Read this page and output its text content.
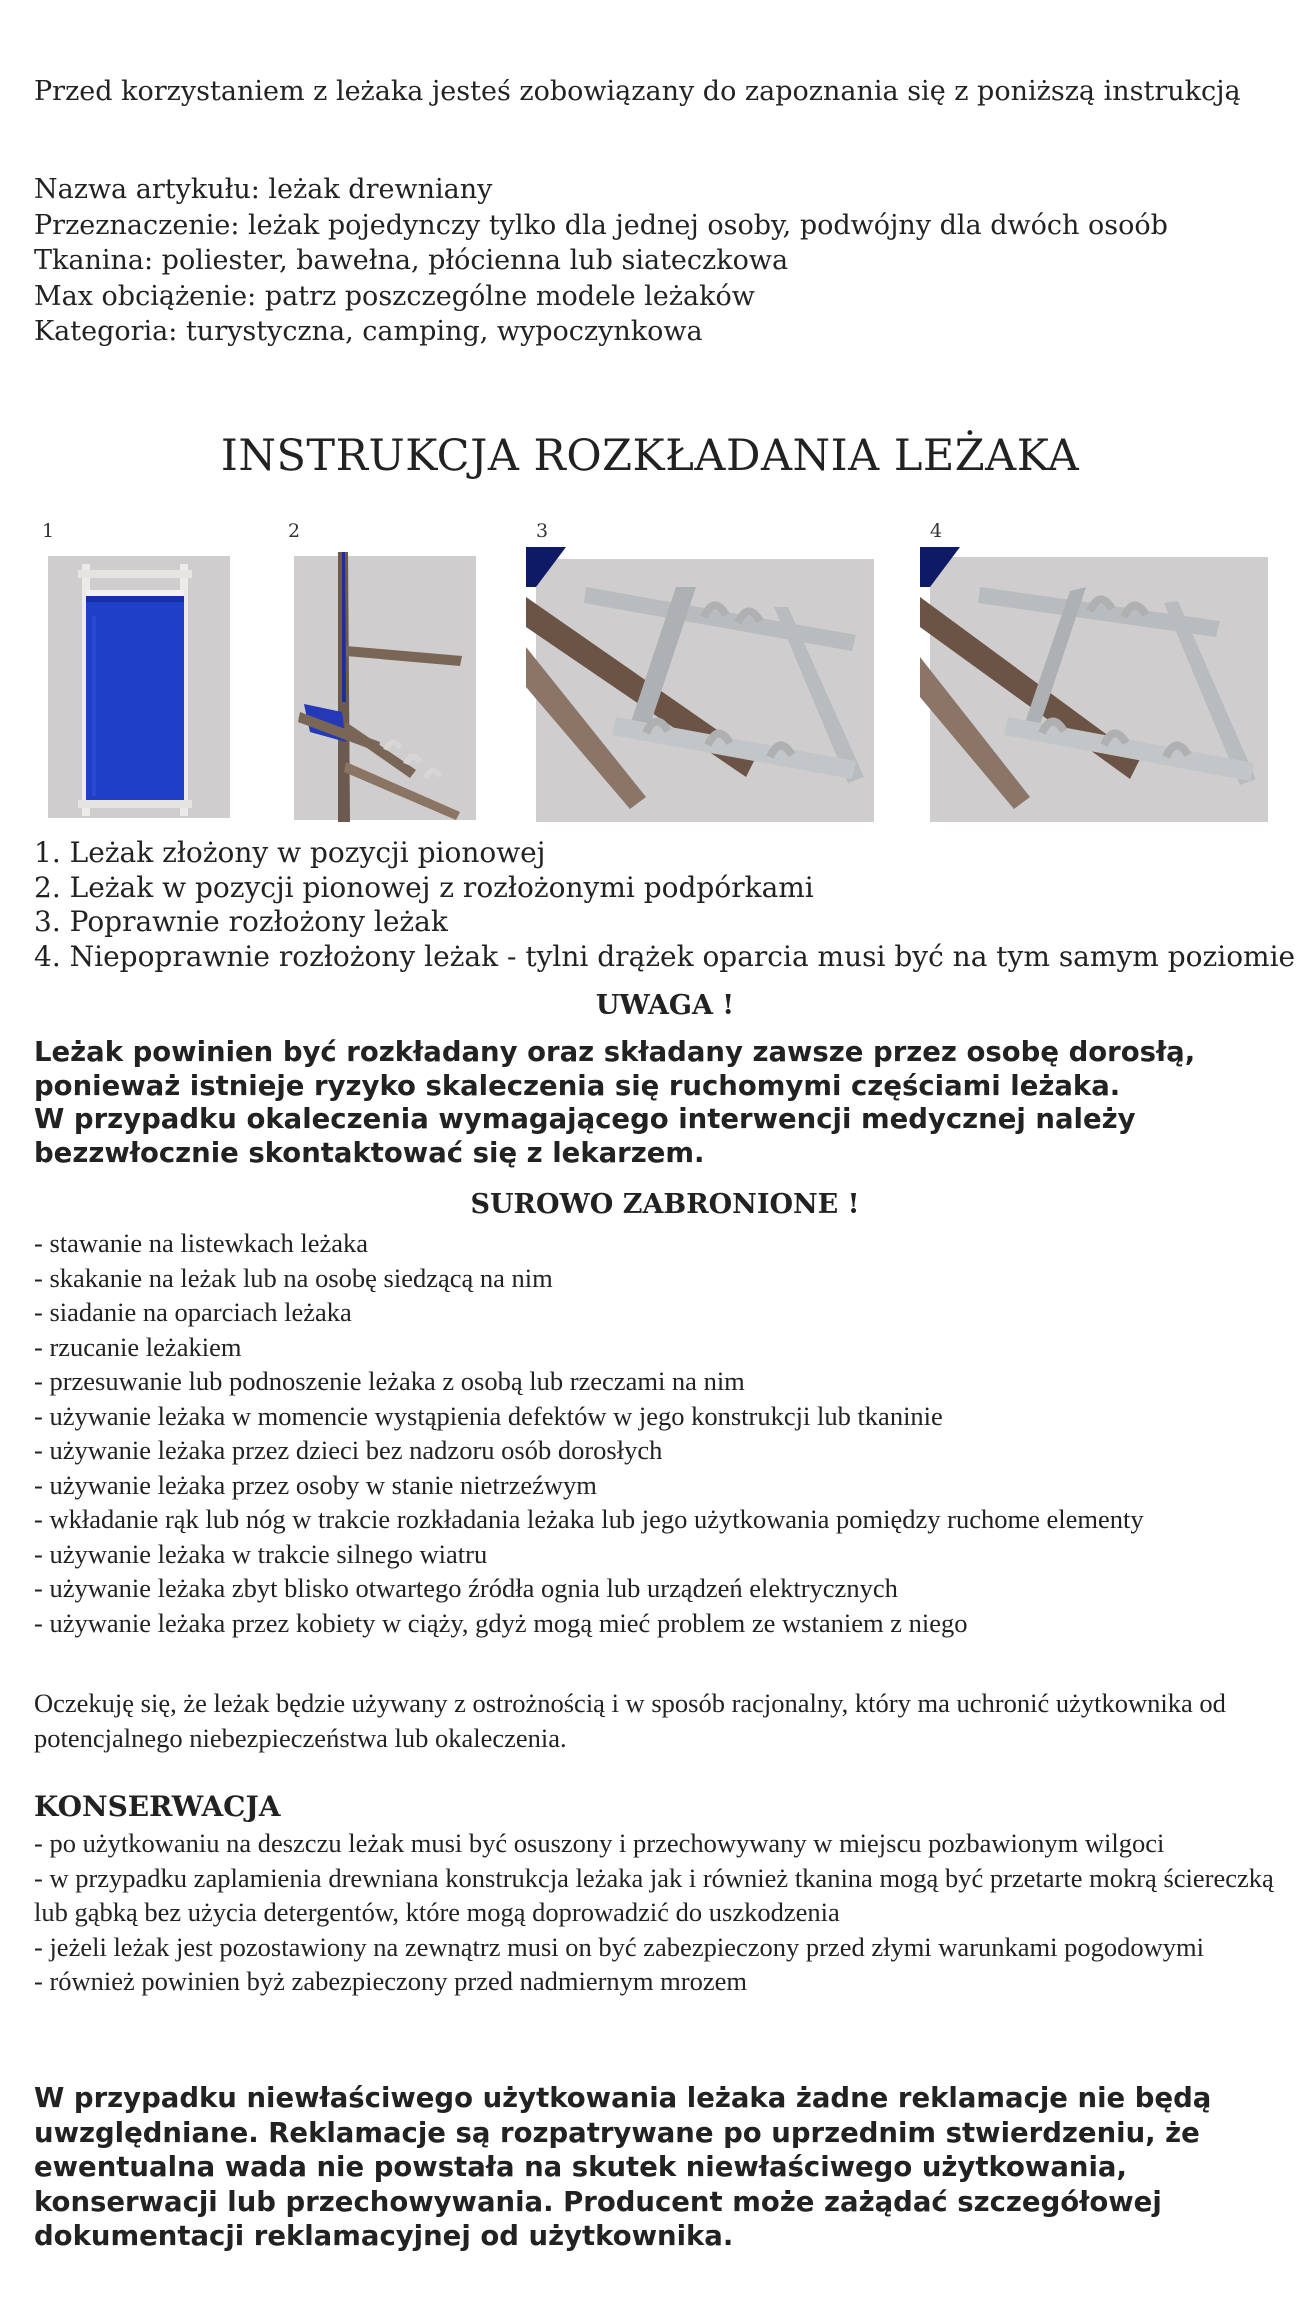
Przed korzystaniem z leżaka jesteś zobowiązany do zapoznania się z poniższą instrukcją

Nazwa artykułu: leżak drewniany
Przeznaczenie: leżak pojedynczy tylko dla jednej osoby, podwójny dla dwóch osoób
Tkanina: poliester, bawełna, płócienna lub siateczkowa
Max obciążenie: patrz poszczególne modele leżaków
Kategoria: turystyczna, camping, wypoczynkowa
INSTRUKCJA ROZKŁADANIA LEŻAKA
1	2	3	4
1. Leżak złożony w pozycji pionowej
2. Leżak w pozycji pionowej z rozłożonymi podpórkami
3. Poprawnie rozłożony leżak
4. Niepoprawnie rozłożony leżak - tylni drążek oparcia musi być na tym samym poziomie
UWAGA !
Leżak powinien być rozkładany oraz składany zawsze przez osobę dorosłą, ponieważ istnieje ryzyko skaleczenia się ruchomymi częściami leżaka.
W przypadku okaleczenia wymagającego interwencji medycznej należy bezzwłocznie skontaktować się z lekarzem.
SUROWO ZABRONIONE !
- stawanie na listewkach leżaka
- skakanie na leżak lub na osobę siedzącą na nim
- siadanie na oparciach leżaka
- rzucanie leżakiem
- przesuwanie lub podnoszenie leżaka z osobą lub rzeczami na nim
- używanie leżaka w momencie wystąpienia defektów w jego konstrukcji lub tkaninie
- używanie leżaka przez dzieci bez nadzoru osób dorosłych
- używanie leżaka przez osoby w stanie nietrzeźwym
- wkładanie rąk lub nóg w trakcie rozkładania leżaka lub jego użytkowania pomiędzy ruchome elementy
- używanie leżaka w trakcie silnego wiatru
- używanie leżaka zbyt blisko otwartego źródła ognia lub urządzeń elektrycznych
- używanie leżaka przez kobiety w ciąży, gdyż mogą mieć problem ze wstaniem z niego

Oczekuję się, że leżak będzie używany z ostrożnością i w sposób racjonalny, który ma uchronić użytkownika od potencjalnego niebezpieczeństwa lub okaleczenia.

KONSERWACJA
- po użytkowaniu na deszczu leżak musi być osuszony i przechowywany w miejscu pozbawionym wilgoci
- w przypadku zaplamienia drewniana konstrukcja leżaka jak i również tkanina mogą być przetarte mokrą ściereczką lub gąbką bez użycia detergentów, które mogą doprowadzić do uszkodzenia
- jeżeli leżak jest pozostawiony na zewnątrz musi on być zabezpieczony przed złymi warunkami pogodowymi
- również powinien byż zabezpieczony przed nadmiernym mrozem

W przypadku niewłaściwego użytkowania leżaka żadne reklamacje nie będą uwzględniane. Reklamacje są rozpatrywane po uprzednim stwierdzeniu, że ewentualna wada nie powstała na skutek niewłaściwego użytkowania, konserwacji lub przechowywania. Producent może zażądać szczegółowej dokumentacji reklamacyjnej od użytkownika.
